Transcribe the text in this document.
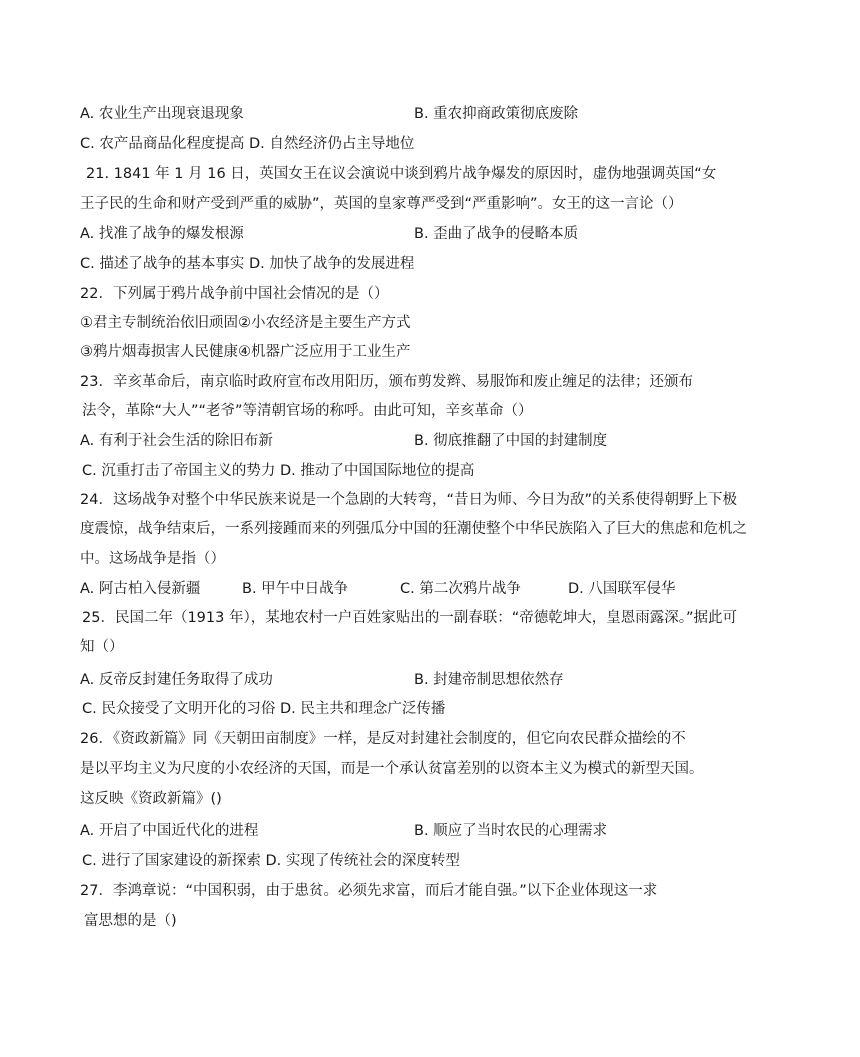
A. 农业生产出现衰退现象	B. 重农抑商政策彻底废除
C. 农产品商品化程度提高 D. 自然经济仍占主导地位
21. 1841 年 1 月 16 日，英国女王在议会演说中谈到鸦片战争爆发的原因时，虚伪地强调英国“女
王子民的生命和财产受到严重的威胁”，英国的皇家尊严受到“严重影响”。女王的这一言论（）
A. 找准了战争的爆发根源	B. 歪曲了战争的侵略本质
C. 描述了战争的基本事实 D. 加快了战争的发展进程
22．下列属于鸦片战争前中国社会情况的是（）
①君主专制统治依旧顽固②小农经济是主要生产方式
③鸦片烟毒损害人民健康④机器广泛应用于工业生产
23．辛亥革命后，南京临时政府宣布改用阳历，颁布剪发辫、易服饰和废止缠足的法律；还颁布
法令，革除“大人”“老爷”等清朝官场的称呼。由此可知，辛亥革命（）
A. 有利于社会生活的除旧布新	B. 彻底推翻了中国的封建制度
C. 沉重打击了帝国主义的势力 D. 推动了中国国际地位的提高
24．这场战争对整个中华民族来说是一个急剧的大转弯，“昔日为师、今日为敌”的关系使得朝野上下极
度震惊，战争结束后，一系列接踵而来的列强瓜分中国的狂潮使整个中华民族陷入了巨大的焦虑和危机之
中。这场战争是指（）
A. 阿古柏入侵新疆	B. 甲午中日战争	C. 第二次鸦片战争	D. 八国联军侵华
25．民国二年（1913 年），某地农村一户百姓家贴出的一副春联：“帝德乾坤大，皇恩雨露深。”据此可
知（）
A. 反帝反封建任务取得了成功	B. 封建帝制思想依然存
C. 民众接受了文明开化的习俗 D. 民主共和理念广泛传播
26．《资政新篇》同《天朝田亩制度》一样，是反对封建社会制度的，但它向农民群众描绘的不
是以平均主义为尺度的小农经济的天国，而是一个承认贫富差别的以资本主义为模式的新型天国。
这反映《资政新篇》()
A. 开启了中国近代化的进程	B. 顺应了当时农民的心理需求
C. 进行了国家建设的新探索 D. 实现了传统社会的深度转型
27．李鸿章说：“中国积弱，由于患贫。必须先求富，而后才能自强。”以下企业体现这一求
富思想的是（)
